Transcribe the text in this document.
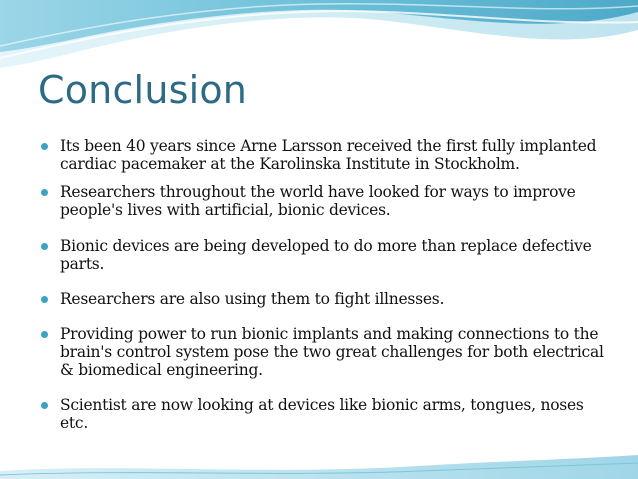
Conclusion
Its been 40 years since Arne Larsson received the first fully implanted cardiac pacemaker at the Karolinska Institute in Stockholm.
Researchers throughout the world have looked for ways to improve people's lives with artificial, bionic devices.
Bionic devices are being developed to do more than replace defective parts.
Researchers are also using them to fight illnesses.
Providing power to run bionic implants and making connections to the brain's control system pose the two great challenges for both electrical & biomedical engineering.
Scientist are now looking at devices like bionic arms, tongues, noses etc.
